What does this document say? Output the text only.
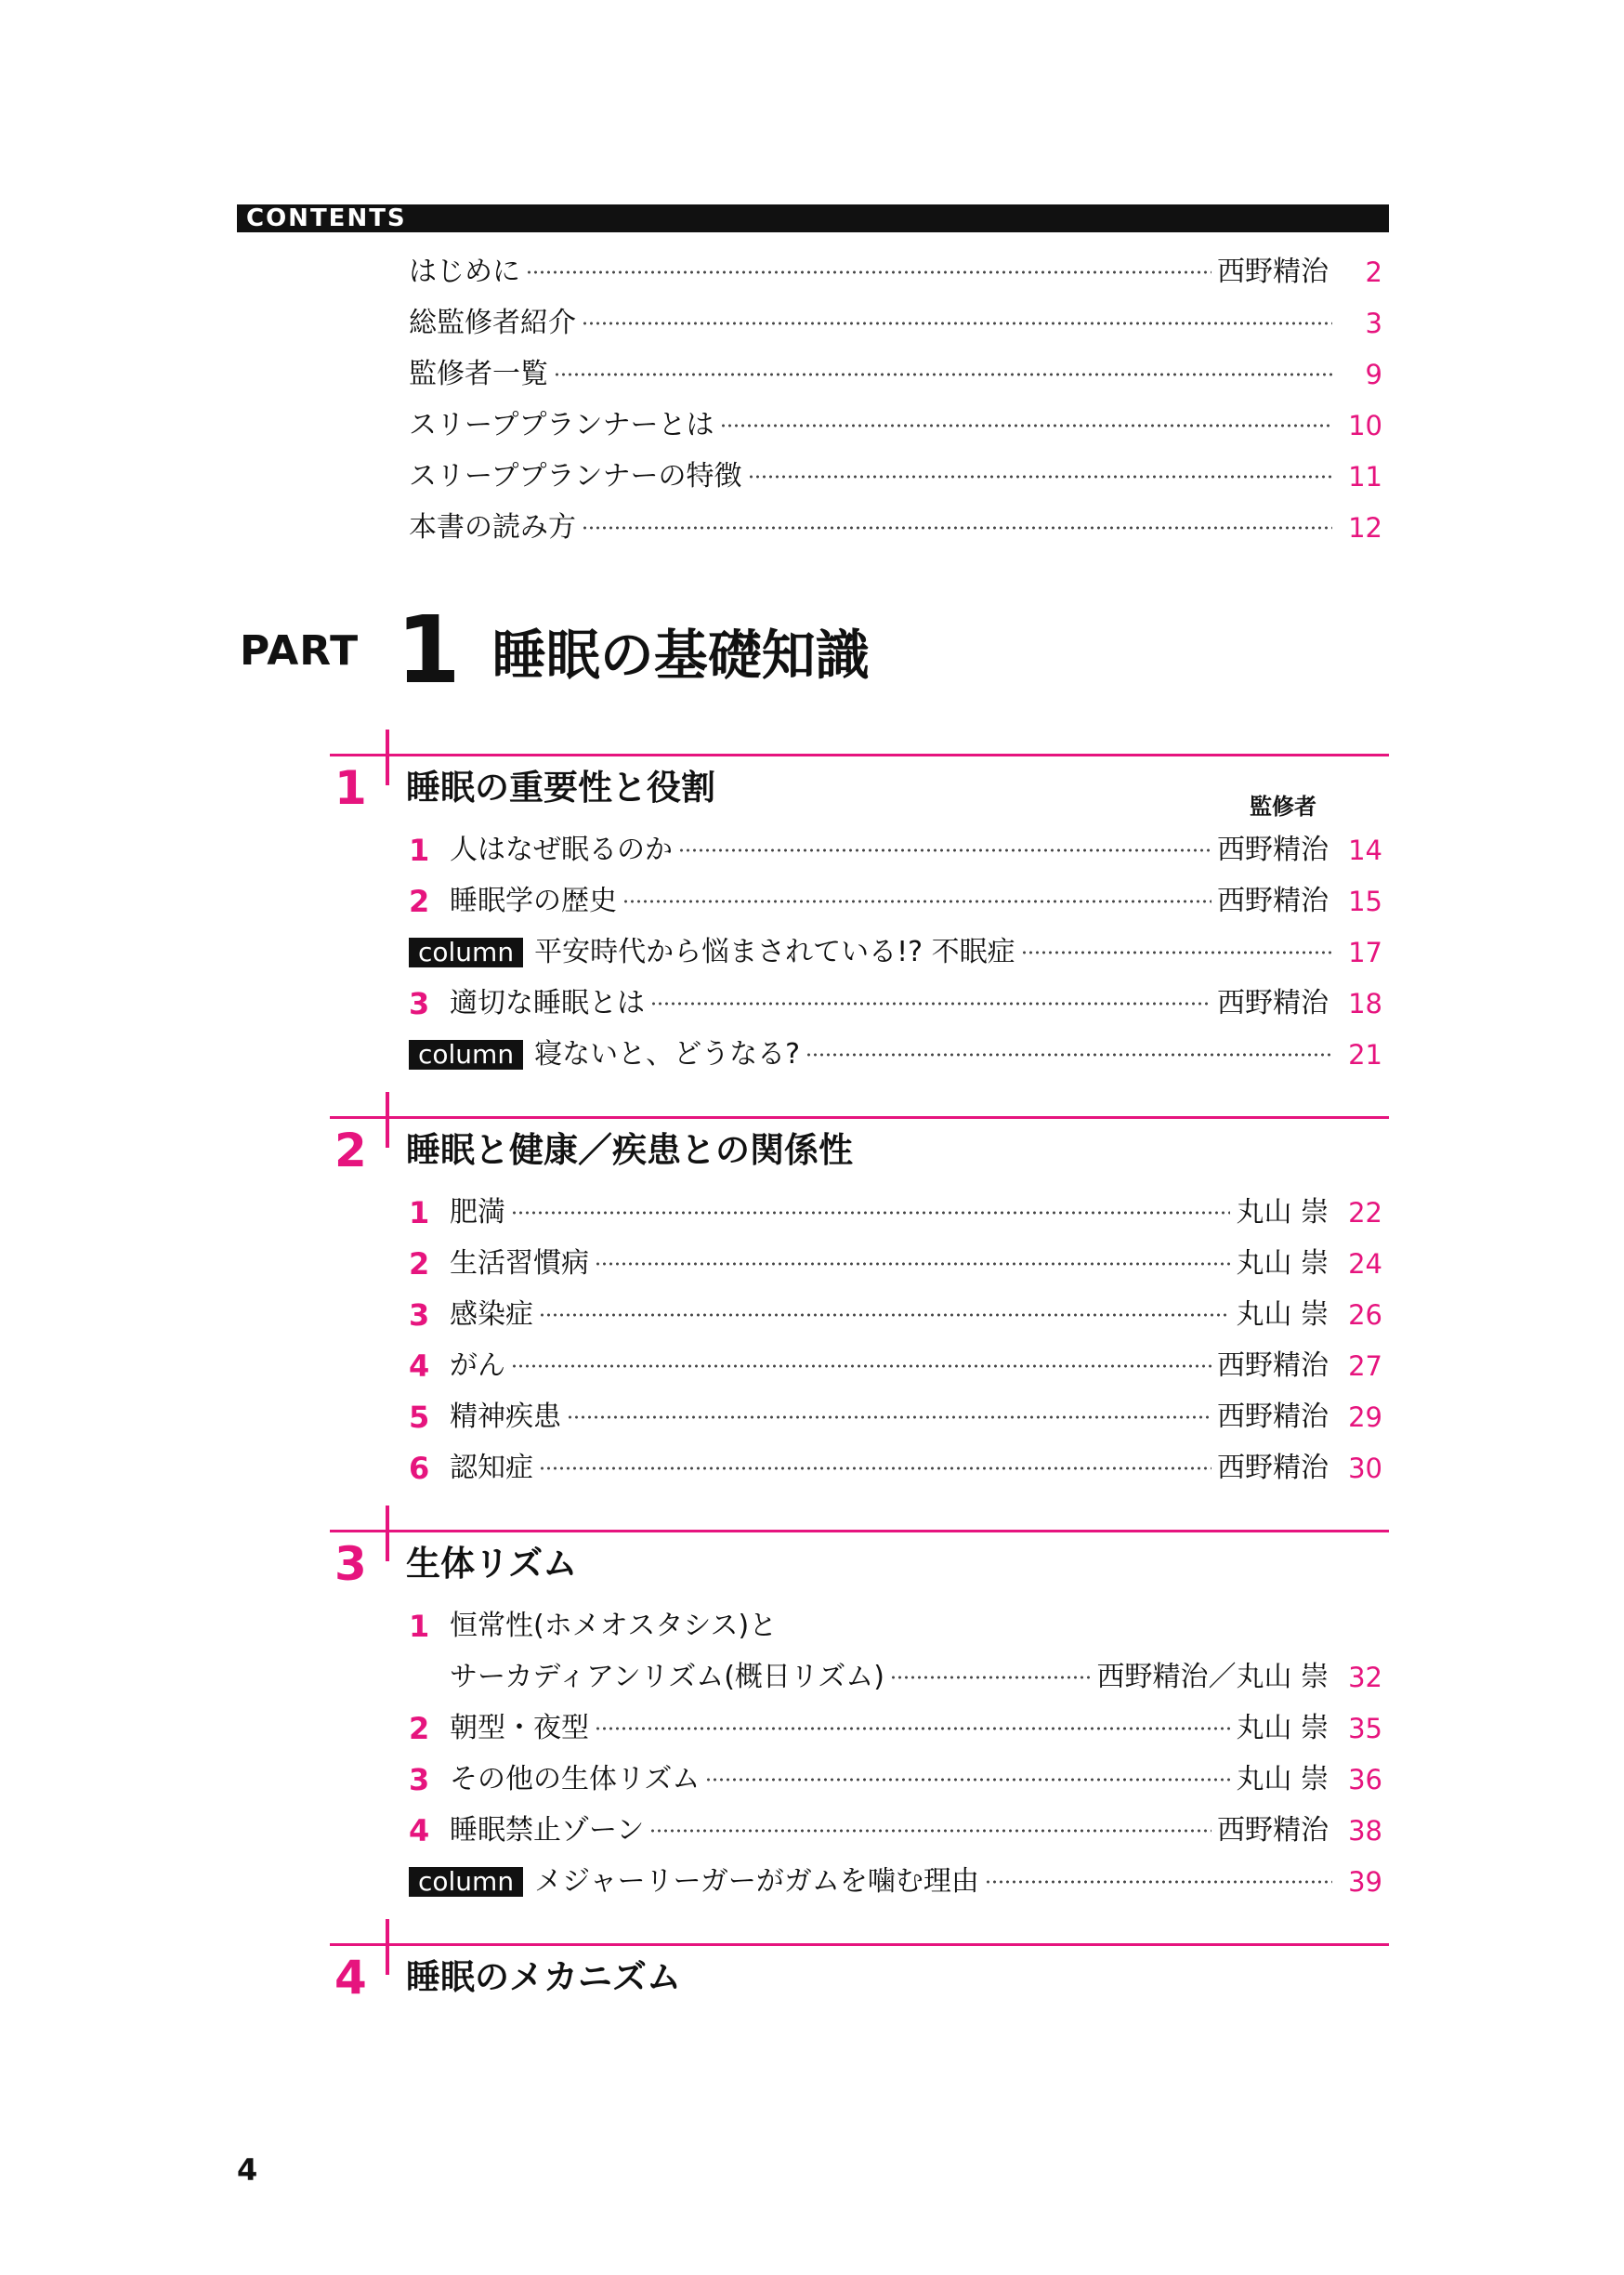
CONTENTS
はじめに	西野精治	2
総監修者紹介	3
監修者一覧	9
スリーププランナーとは	10
スリーププランナーの特徴	11
本書の読み方	12
PART 1 睡眠の基礎知識
1	睡眠の重要性と役割	監修者
1 人はなぜ眠るのか	西野精治 14
2 睡眠学の歴史	西野精治 15
column 平安時代から悩まされている!? 不眠症	17
3 適切な睡眠とは	西野精治 18
column 寝ないと、どうなる?	21
2	睡眠と健康／疾患との関係性
1 肥満	丸山 崇 22
2 生活習慣病	丸山 崇 24
3 感染症	丸山 崇 26
4 がん	西野精治 27
5 精神疾患	西野精治 29
6 認知症	西野精治 30
3	生体リズム
1 恒常性(ホメオスタシス)と
サーカディアンリズム(概日リズム)	西野精治／丸山 崇 32
2 朝型・夜型	丸山 崇 35
3 その他の生体リズム	丸山 崇 36
4 睡眠禁止ゾーン	西野精治 38
column メジャーリーガーがガムを噛む理由	39
4	睡眠のメカニズム
4
